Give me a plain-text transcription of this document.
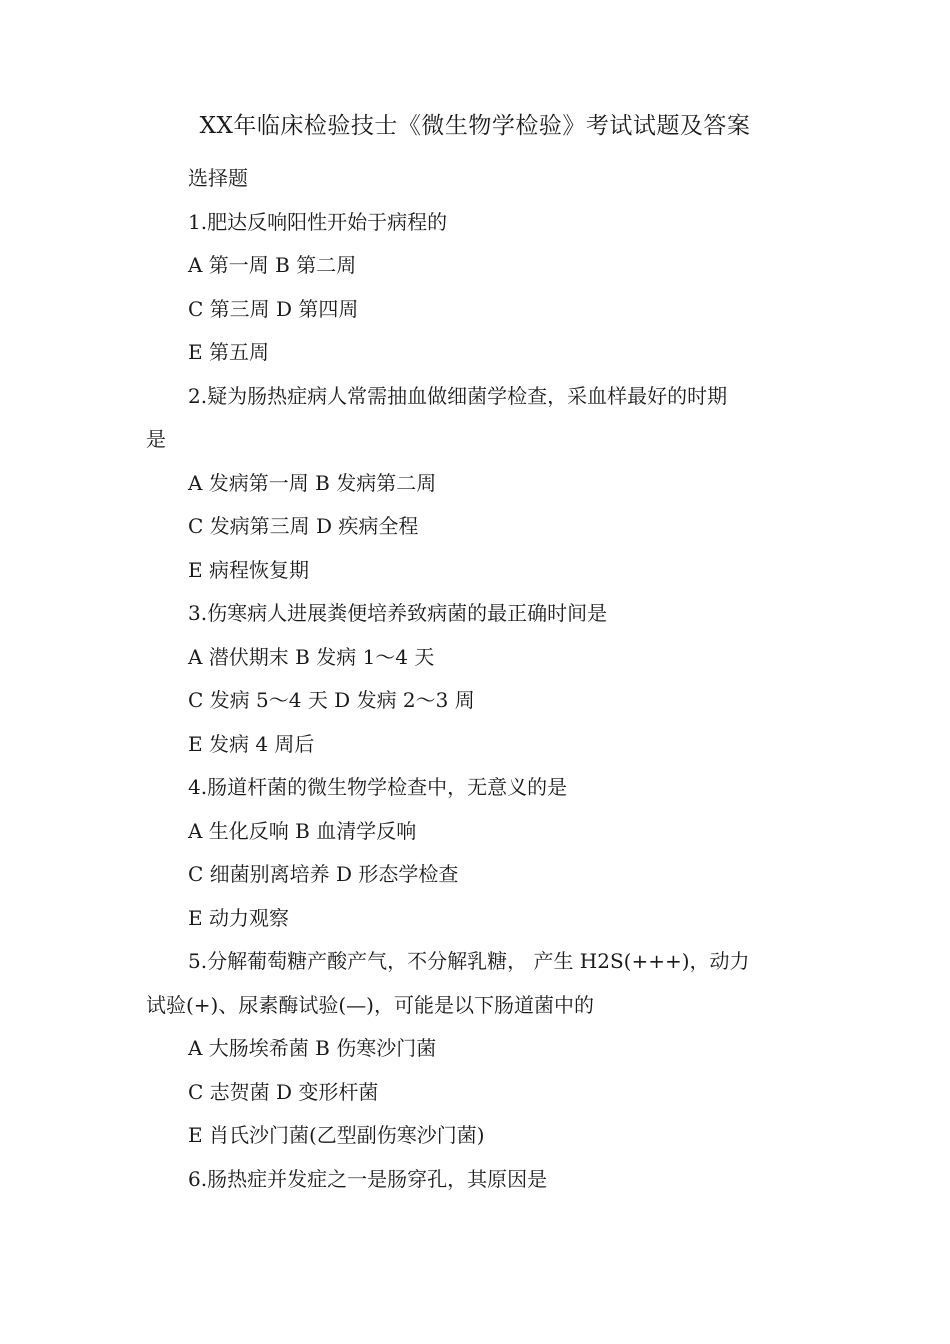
XX年临床检验技士《微生物学检验》考试试题及答案
选择题
1.肥达反响阳性开始于病程的
A 第一周 B 第二周
C 第三周 D 第四周
E 第五周
2.疑为肠热症病人常需抽血做细菌学检查，采血样最好的时期
是
A 发病第一周 B 发病第二周
C 发病第三周 D 疾病全程
E 病程恢复期
3.伤寒病人进展粪便培养致病菌的最正确时间是
A 潜伏期末 B 发病 1～4 天
C 发病 5～4 天 D 发病 2～3 周
E 发病 4 周后
4.肠道杆菌的微生物学检查中，无意义的是
A 生化反响 B 血清学反响
C 细菌别离培养 D 形态学检查
E 动力观察
5.分解葡萄糖产酸产气，不分解乳糖， 产生 H2S(+++)，动力
试验(+)、尿素酶试验(—)，可能是以下肠道菌中的
A 大肠埃希菌 B 伤寒沙门菌
C 志贺菌 D 变形杆菌
E 肖氏沙门菌(乙型副伤寒沙门菌)
6.肠热症并发症之一是肠穿孔，其原因是
